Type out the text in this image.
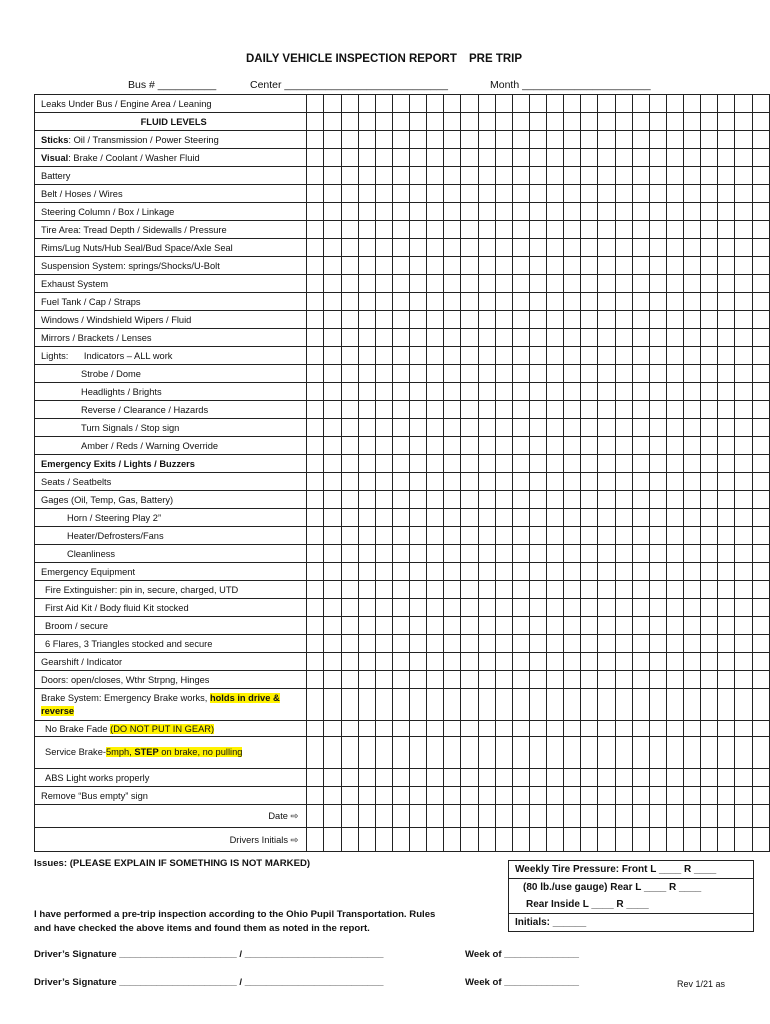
DAILY VEHICLE INSPECTION REPORT PRE TRIP
Bus # __________	Center ____________________________	Month ______________________
Leaks Under Bus / Engine Area / Leaning																											
FLUID LEVELS																											
Sticks: Oil / Transmission / Power Steering																											
Visual: Brake / Coolant / Washer Fluid																											
Battery																											
Belt / Hoses / Wires																											
Steering Column / Box / Linkage																											
Tire Area: Tread Depth / Sidewalls / Pressure																											
Rims/Lug Nuts/Hub Seal/Bud Space/Axle Seal																											
Suspension System: springs/Shocks/U-Bolt																											
Exhaust System																											
Fuel Tank / Cap / Straps																											
Windows / Windshield Wipers / Fluid																											
Mirrors / Brackets / Lenses																											
Lights: Indicators – ALL work																											
Strobe / Dome																											
Headlights / Brights																											
Reverse / Clearance / Hazards																											
Turn Signals / Stop sign																											
Amber / Reds / Warning Override																											
Emergency Exits / Lights / Buzzers																											
Seats / Seatbelts																											
Gages (Oil, Temp, Gas, Battery)																											
Horn / Steering Play 2”																											
Heater/Defrosters/Fans																											
Cleanliness																											
Emergency Equipment																											
Fire Extinguisher: pin in, secure, charged, UTD																											
First Aid Kit / Body fluid Kit stocked																											
Broom / secure																											
6 Flares, 3 Triangles stocked and secure																											
Gearshift / Indicator																											
Doors: open/closes, Wthr Strpng, Hinges																											
Brake System: Emergency Brake works, holds in drive & reverse																											
No Brake Fade (DO NOT PUT IN GEAR)																											
Service Brake-5mph, STEP on brake, no pulling																											
ABS Light works properly																											
Remove “Bus empty” sign																											
Date ⇨																											
Drivers Initials ⇨																											
Issues: (PLEASE EXPLAIN IF SOMETHING IS NOT MARKED)
I have performed a pre-trip inspection according to the Ohio Pupil Transportation. Rules and have checked the above items and found them as noted in the report.
Driver’s Signature ______________________ / __________________________	Week of ______________
Driver’s Signature ______________________ / __________________________	Week of ______________	Rev 1/21 as
Weekly Tire Pressure: Front L ____ R ____
(80 lb./use gauge) Rear L ____ R ____
Rear Inside L ____ R ____
Initials: ______
